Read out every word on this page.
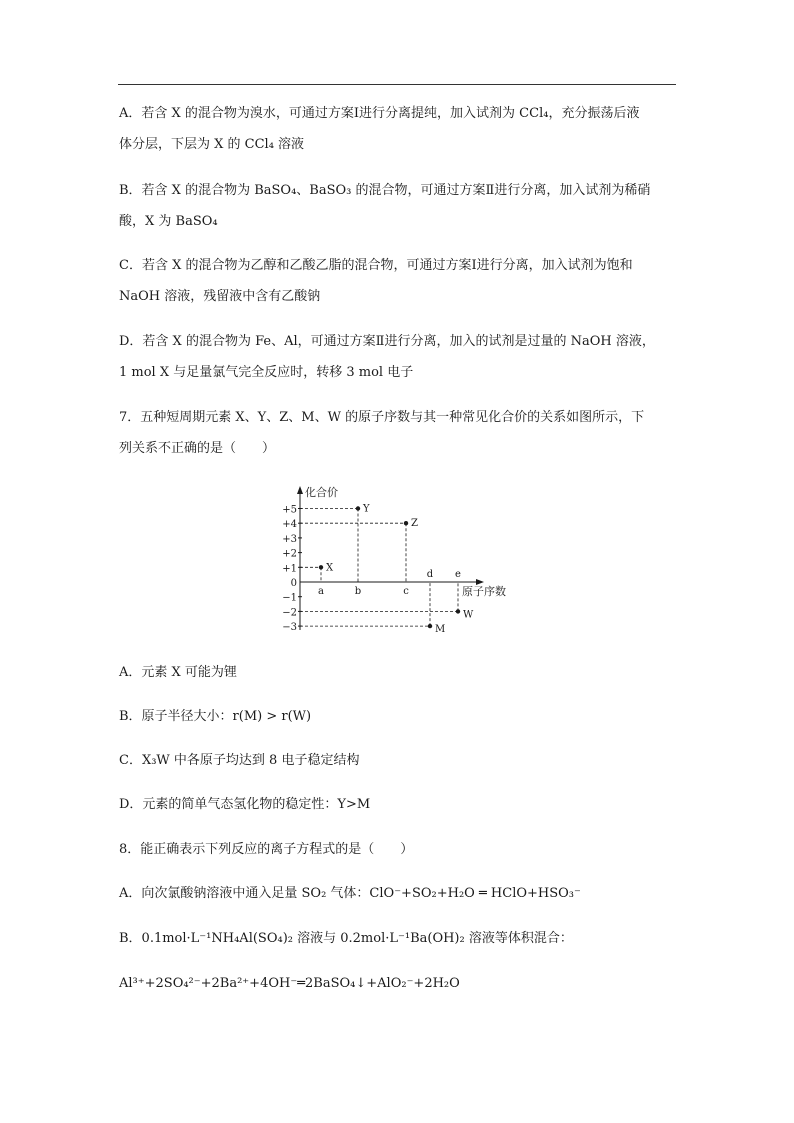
A．若含 X 的混合物为溴水，可通过方案Ⅰ进行分离提纯，加入试剂为 CCl₄，充分振荡后液
体分层，下层为 X 的 CCl₄ 溶液
B．若含 X 的混合物为 BaSO₄、BaSO₃ 的混合物，可通过方案Ⅱ进行分离，加入试剂为稀硝
酸，X 为 BaSO₄
C．若含 X 的混合物为乙醇和乙酸乙脂的混合物，可通过方案Ⅰ进行分离，加入试剂为饱和
NaOH 溶液，残留液中含有乙酸钠
D．若含 X 的混合物为 Fe、Al，可通过方案Ⅱ进行分离，加入的试剂是过量的 NaOH 溶液，
1 mol X 与足量氯气完全反应时，转移 3 mol 电子
7．五种短周期元素 X、Y、Z、M、W 的原子序数与其一种常见化合价的关系如图所示，下
列关系不正确的是（　　）
化合价
原子序数
+5
+4
+3
+2
+1
0
−1
−2
−3
a	b	c
d e
X
Y
Z
M
W
A．元素 X 可能为锂
B．原子半径大小：r(M) > r(W)
C．X₃W 中各原子均达到 8 电子稳定结构
D．元素的简单气态氢化物的稳定性：Y>M
8．能正确表示下列反应的离子方程式的是（　　）
A．向次氯酸钠溶液中通入足量 SO₂ 气体：ClO⁻+SO₂+H₂O ═ HClO+HSO₃⁻
B．0.1mol·L⁻¹NH₄Al(SO₄)₂ 溶液与 0.2mol·L⁻¹Ba(OH)₂ 溶液等体积混合：
Al³⁺+2SO₄²⁻+2Ba²⁺+4OH⁻═2BaSO₄↓+AlO₂⁻+2H₂O
